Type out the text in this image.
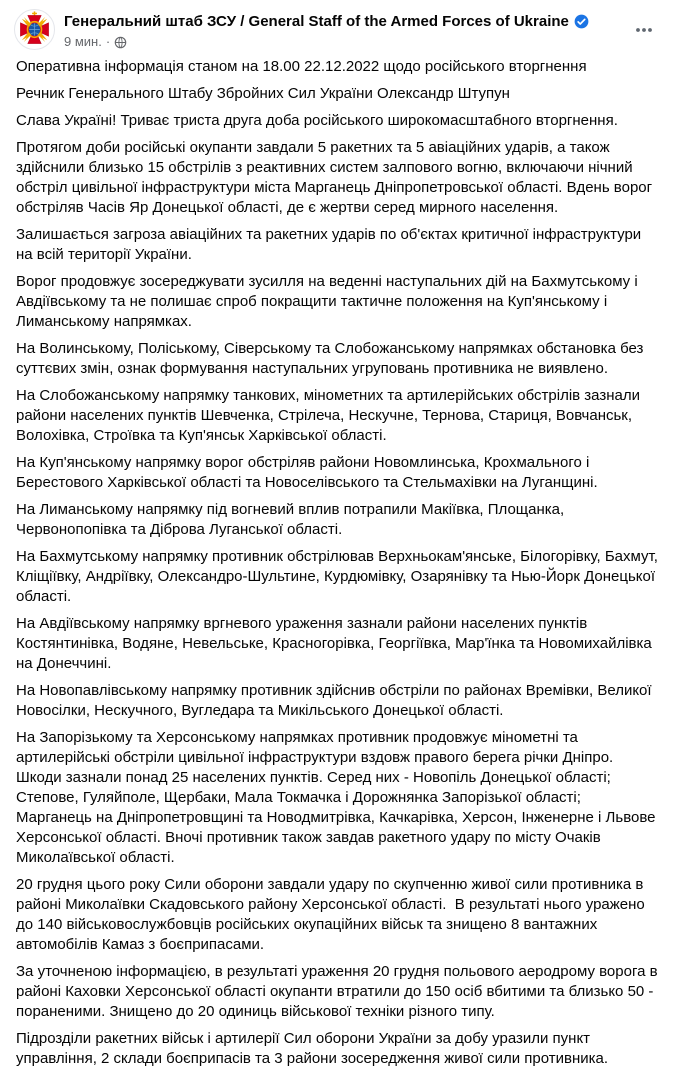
Генеральний штаб ЗСУ / General Staff of the Armed Forces of Ukraine
9 мин. ·

Оперативна інформація станом на 18.00 22.12.2022 щодо російського вторгнення

Речник Генерального Штабу Збройних Сил України Олександр Штупун

Слава Україні! Триває триста друга доба російського широкомасштабного вторгнення.

Протягом доби російські окупанти завдали 5 ракетних та 5 авіаційних ударів, а також здійснили близько 15 обстрілів з реактивних систем залпового вогню, включаючи нічний обстріл цивільної інфраструктури міста Марганець Дніпропетровської області. Вдень ворог обстріляв Часів Яр Донецької області, де є жертви серед мирного населення.

Залишається загроза авіаційних та ракетних ударів по об'єктах критичної інфраструктури на всій території України.

Ворог продовжує зосереджувати зусилля на веденні наступальних дій на Бахмутському і Авдіївському та не полишає спроб покращити тактичне положення на Куп'янському і Лиманському напрямках.

На Волинському, Поліському, Сіверському та Слобожанському напрямках обстановка без суттєвих змін, ознак формування наступальних угруповань противника не виявлено.

На Слобожанському напрямку танкових, мінометних та артилерійських обстрілів зазнали райони населених пунктів Шевченка, Стрілеча, Нескучне, Тернова, Стариця, Вовчанськ, Волохівка, Строївка та Куп'янськ Харківської області.

На Куп'янському напрямку ворог обстріляв райони Новомлинська, Крохмального і Берестового Харківської області та Новоселівського та Стельмахівки на Луганщині.

На Лиманському напрямку під вогневий вплив потрапили Макіївка, Площанка, Червонопопівка та Діброва Луганської області.

На Бахмутському напрямку противник обстрілював Верхньокам'янське, Білогорівку, Бахмут, Кліщіївку, Андріївку, Олександро-Шультине, Курдюмівку, Озарянівку та Нью-Йорк Донецької області.

На Авдіївському напрямку вргневого ураження зазнали райони населених пунктів Костянтинівка, Водяне, Невельське, Красногорівка, Георгіївка, Мар'їнка та Новомихайлівка на Донеччині.

На Новопавлівському напрямку противник здійснив обстріли по районах Времівки, Великої Новосілки, Нескучного, Вугледара та Микільського Донецької області.

На Запорізькому та Херсонському напрямках противник продовжує мінометні та артилерійські обстріли цивільної інфраструктури вздовж правого берега річки Дніпро. Шкоди зазнали понад 25 населених пунктів. Серед них - Новопіль Донецької області; Степове, Гуляйполе, Щербаки, Мала Токмачка і Дорожнянка Запорізької області; Марганець на Дніпропетровщині та Новодмитрівка, Качкарівка, Херсон, Інженерне і Львове Херсонської області. Вночі противник також завдав ракетного удару по місту Очаків Миколаївської області.

20 грудня цього року Сили оборони завдали удару по скупченню живої сили противника в районі Миколаївки Скадовського району Херсонської області.  В результаті нього уражено до 140 військовослужбовців російських окупаційних військ та знищено 8 вантажних автомобілів Камаз з боєприпасами.

За уточненою інформацією, в результаті ураження 20 грудня польового аеродрому ворога в районі Каховки Херсонської області окупанти втратили до 150 осіб вбитими та близько 50 - пораненими. Знищено до 20 одиниць військової техніки різного типу.

Підрозділи ракетних військ і артилерії Сил оборони України за добу уразили пункт управління, 2 склади боєприпасів та 3 райони зосередження живої сили противника.
